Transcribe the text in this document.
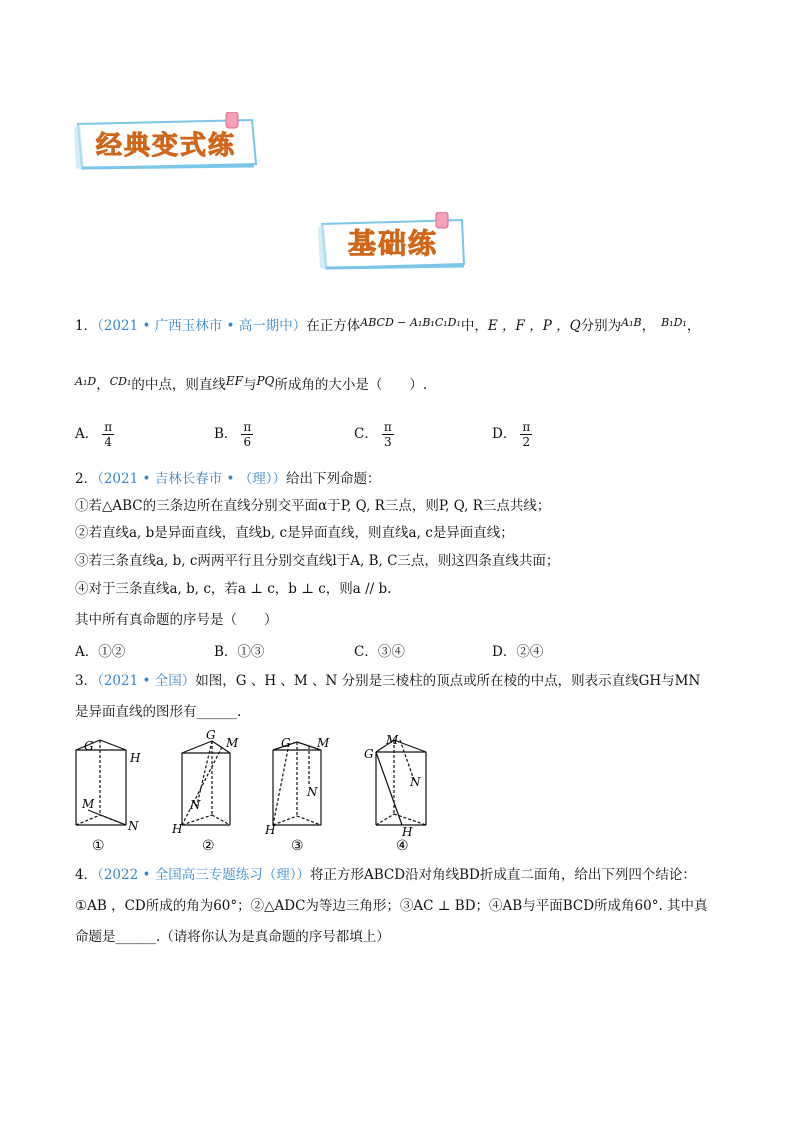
经典变式练
基础练
1．（2021 • 广西玉林市 • 高一期中）在正方体$^{ABCD - A_1B_1C_1D_1}$中，E ，F ，P ，Q分别为$^{A_1B}$， $^{B_1D_1}$，
$^{A_1D}$，$^{CD_1}$的中点，则直线EF与PQ所成角的大小是（　　）.
A． $\frac{\pi}{4}$	B． $\frac{\pi}{6}$	C． $\frac{\pi}{3}$	D． $\frac{\pi}{2}$
2．（2021 • 吉林长春市 • （理））给出下列命题：
①若△ABC的三条边所在直线分别交平面α于P, Q, R三点，则P, Q, R三点共线；
②若直线a, b是异面直线，直线b, c是异面直线，则直线a, c是异面直线；
③若三条直线a, b, c两两平行且分别交直线l于A, B, C三点，则这四条直线共面；
④对于三条直线a, b, c，若a ⊥ c，b ⊥ c，则a // b.
其中所有真命题的序号是（　　）
A．①②	B．①③	C．③④	D．②④
3．（2021 • 全国）如图，G 、H 、M 、N 分别是三棱柱的顶点或所在棱的中点，则表示直线GH与MN
是异面直线的图形有______.
G
H
M
N
①
G
M
N
H
②
G M
N
H
③
G
M
N
H
④
4．（2022 • 全国高三专题练习（理））将正方形ABCD沿对角线BD折成直二面角，给出下列四个结论：
①AB ，CD所成的角为60°；②△ADC为等边三角形；③AC ⊥ BD；④AB与平面BCD所成角60°. 其中真
命题是______.（请将你认为是真命题的序号都填上）
